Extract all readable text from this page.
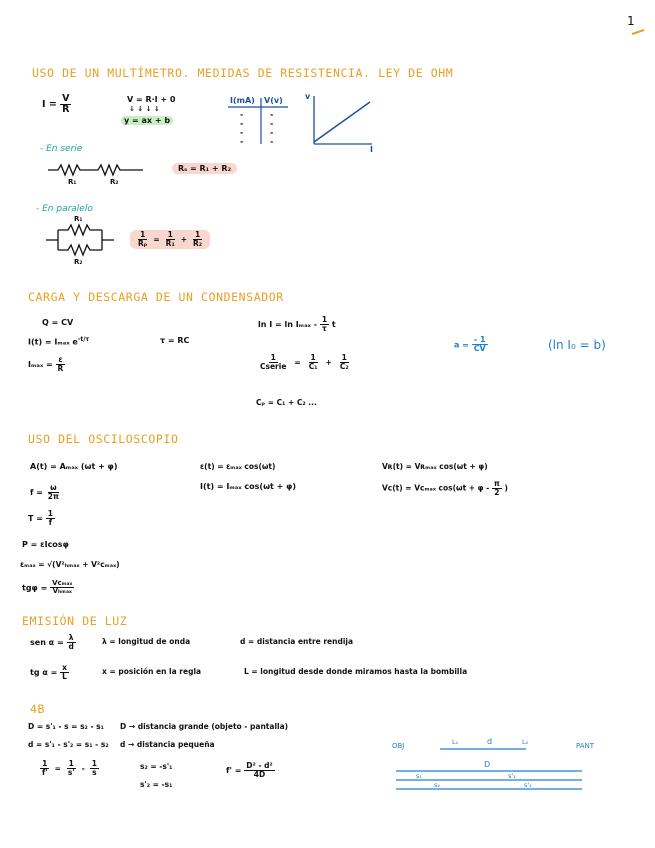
1
USO DE UN MULTÍMETRO. MEDIDAS DE RESISTENCIA. LEY DE OHM
$I = \frac{V}{R}$	V = R·I + 0
↓ ↓ ↓ ↓
y = ax + b
I(mA) V(v)
-
-
-
-
-
-
-
-
v
I
- En serie
R₁	R₂
Rₛ = R₁ + R₂
- En paralelo
R₁
R₂
$\frac{1}{\text{Rₚ}} = \frac{1}{\text{R₁}} + \frac{1}{\text{R₂}}$
CARGA Y DESCARGA DE UN CONDENSADOR
Q = CV
I(t) = Iₘₐₓ $e^{-t/\tau}$	τ = RC
$I_{max} = \frac{\varepsilon}{R}$
$\ln I = \ln I_{max} - \frac{1}{\tau}$ t
$\frac{1}{\text{Cserie}} = \frac{1}{\text{C₁}} + \frac{1}{\text{C₂}}$
Cₚ = C₁ + C₂ ...
$a = \frac{- 1}{CV}$	(ln I₀ = b)
USO DEL OSCILOSCOPIO
A(t) = Aₘₐₓ (ωt + φ)
$f = \frac{\omega}{2\pi}$
$T = \frac{1}{f}$
P = εIcosφ
εₘₐₓ = √(V²ₕₘₐₓ + V²cₘₐₓ)
$tg\varphi = \frac{\text{Vcₘₐₓ}}{\text{Vₕₘₐₓ}}$
ε(t) = εₘₐₓ cos(ωt)
I(t) = Iₘₐₓ cos(ωt + φ)
Vʀ(t) = Vʀₘₐₓ cos(ωt + φ)
Vc(t) = Vcₘₐₓ $\cos(\omega t + \varphi - \frac{\pi}{2}$ )
EMISIÓN DE LUZ
sen $\alpha = \frac{\lambda}{d}$	λ = longitud de onda	d = distancia entre rendija
tg $\alpha = \frac{x}{L}$	x = posición en la regla	L = longitud desde donde miramos hasta la bombilla
4B
D = s'₁ - s = s₂ - s₁ D → distancia grande (objeto - pantalla)
d = s'₁ - s'₂ = s₁ - s₂ d → distancia pequeña
$\frac{1}{f'} = \frac{1}{s'} - \frac{1}{s}$	s₂ = -s'₁
s'₂ = -s₁
$f' = \frac{\text{D² - d²}}{4D}$
OBJ	PANT
L₁	d	L₂
D
s₁	s'₁
s₂	s'₂
